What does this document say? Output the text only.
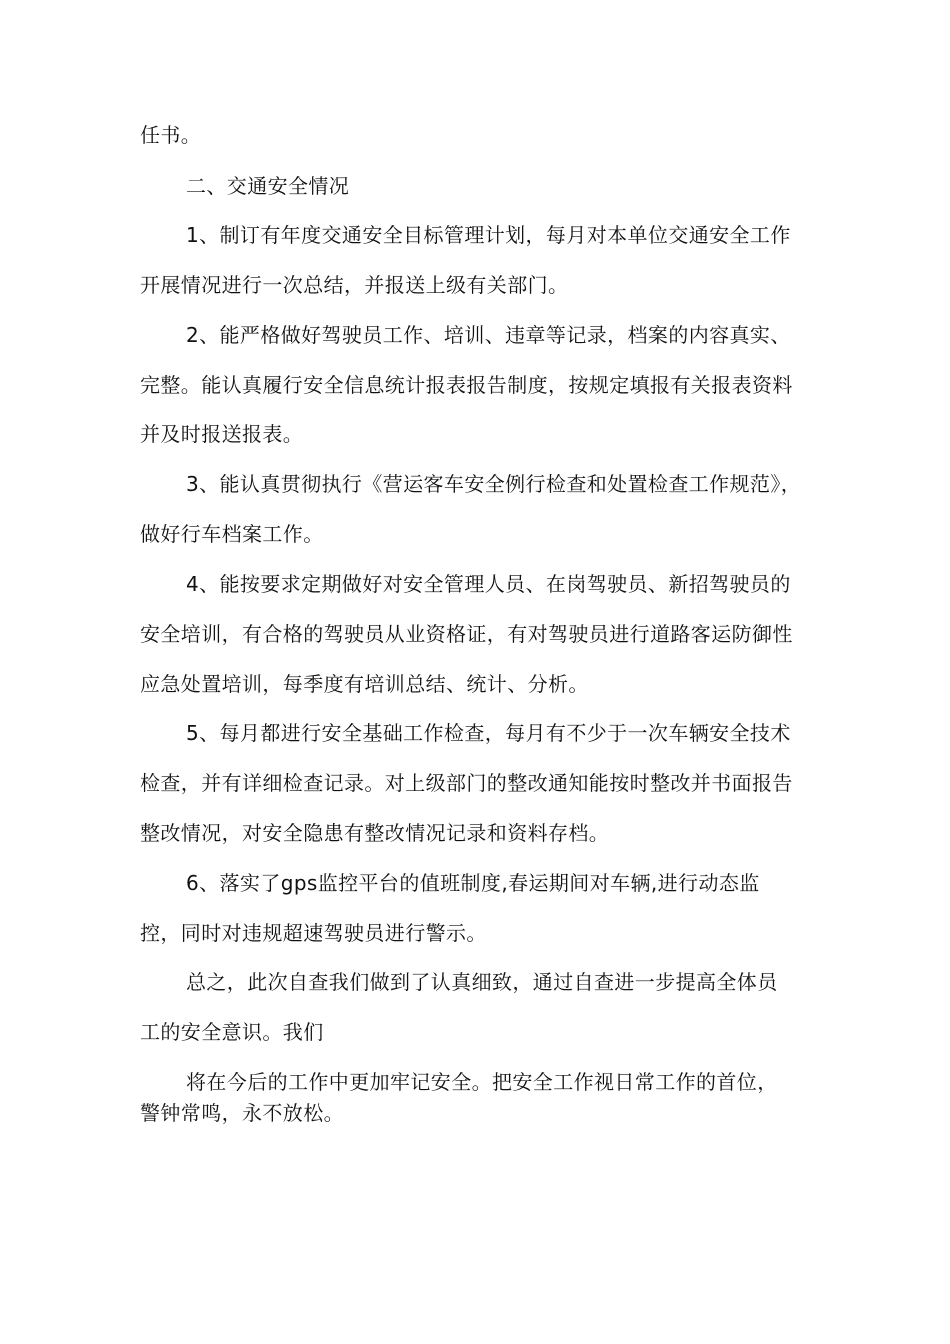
任书。
二、交通安全情况
1、制订有年度交通安全目标管理计划，每月对本单位交通安全工作
开展情况进行一次总结，并报送上级有关部门。
2、能严格做好驾驶员工作、培训、违章等记录，档案的内容真实、
完整。能认真履行安全信息统计报表报告制度，按规定填报有关报表资料
并及时报送报表。
3、能认真贯彻执行《营运客车安全例行检查和处置检查工作规范》，
做好行车档案工作。
4、能按要求定期做好对安全管理人员、在岗驾驶员、新招驾驶员的
安全培训，有合格的驾驶员从业资格证，有对驾驶员进行道路客运防御性
应急处置培训，每季度有培训总结、统计、分析。
5、每月都进行安全基础工作检查，每月有不少于一次车辆安全技术
检查，并有详细检查记录。对上级部门的整改通知能按时整改并书面报告
整改情况，对安全隐患有整改情况记录和资料存档。
6、落实了gps监控平台的值班制度,春运期间对车辆,进行动态监
控，同时对违规超速驾驶员进行警示。
总之，此次自查我们做到了认真细致，通过自查进一步提高全体员
工的安全意识。我们
将在今后的工作中更加牢记安全。把安全工作视日常工作的首位，
警钟常鸣，永不放松。
